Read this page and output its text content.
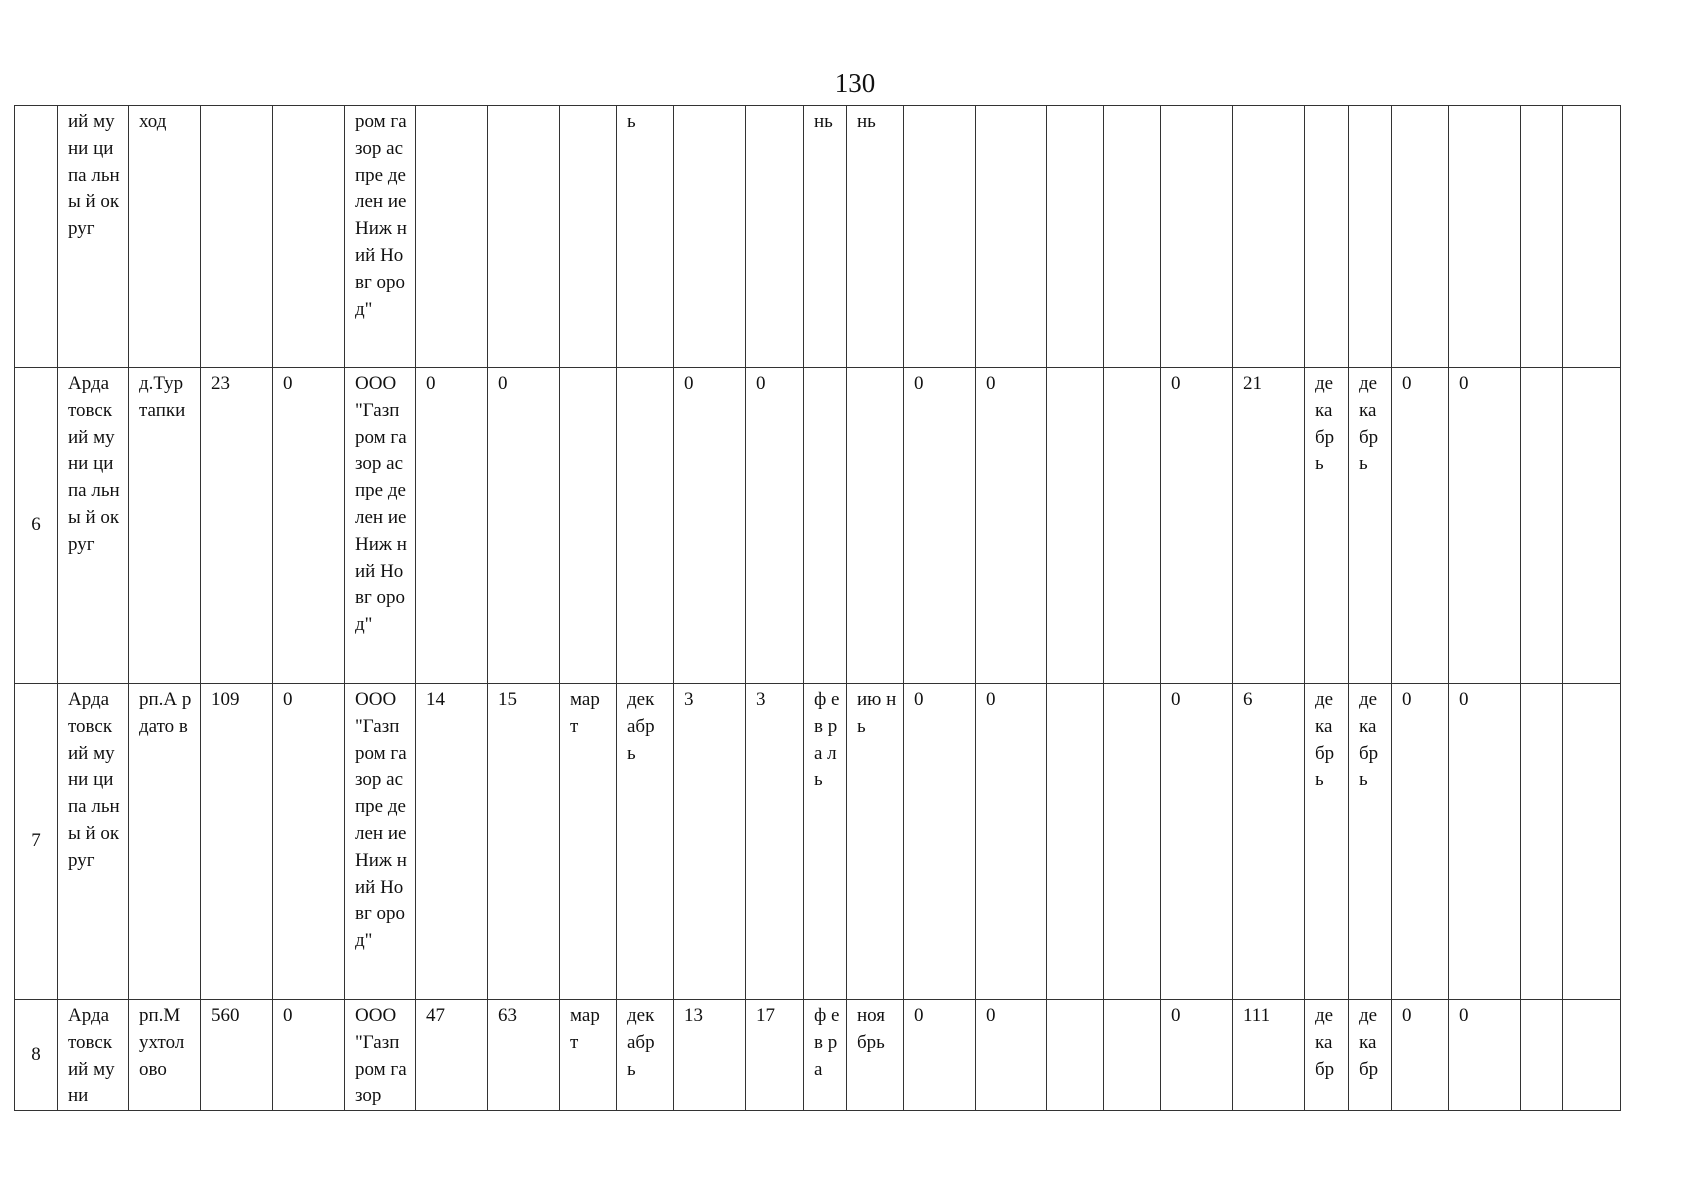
130
	ий муни ципа льны й округ	ход			ром газор аспре делен ие Ниж ний Новг ород"				ь			нь	нь												
6	Арда товск ий муни ципа льны й округ	д.Тур тапки	23	0	ООО "Газп ром газор аспре делен ие Ниж ний Новг ород"	0	0			0	0			0	0			0	21	де ка бр ь	де ка бр ь	0	0		
7	Арда товск ий муни ципа льны й округ	рп.А рдато в	109	0	ООО "Газп ром газор аспре делен ие Ниж ний Новг ород"	14	15	мар т	дек абр ь	3	3	ф ев ра ль	ию нь	0	0			0	6	де ка бр ь	де ка бр ь	0	0		
8	Арда товск ий муни	рп.М ухтол ово	560	0	ООО "Газп ром газор	47	63	мар т	дек абр ь	13	17	ф ев ра	ноя брь	0	0			0	111	де ка бр	де ка бр	0	0		
